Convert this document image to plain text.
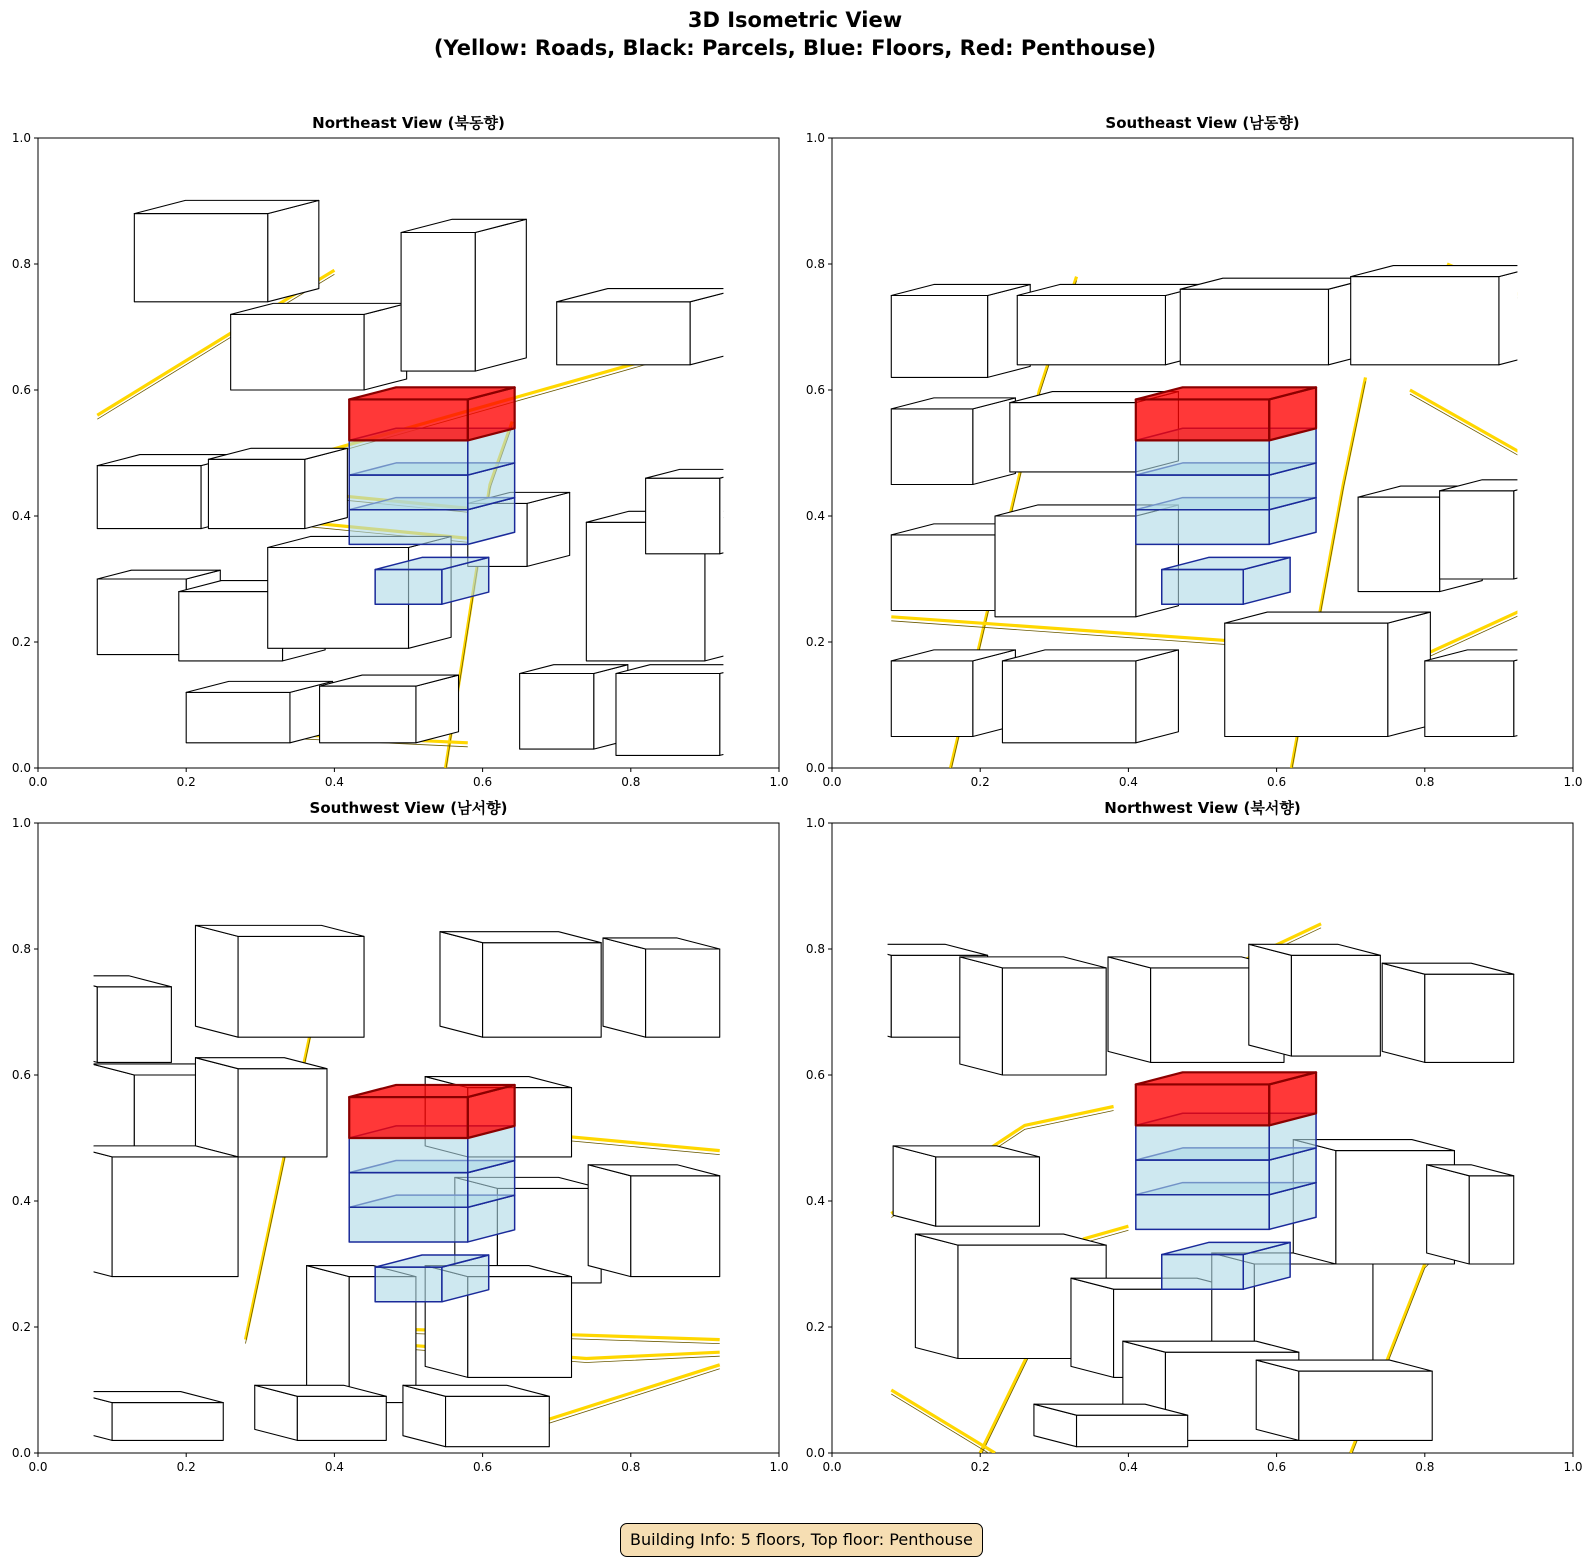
3D Isometric View
(Yellow: Roads, Black: Parcels, Blue: Floors, Red: Penthouse)
Northeast View (북동향)
0.0	0.2	0.4	0.6	0.8	1.0
0.0
0.2
0.4
0.6
0.8
1.0
Southeast View (남동향)
0.0	0.2	0.4	0.6	0.8	1.0
0.0
0.2
0.4
0.6
0.8
1.0
Southwest View (남서향)
0.0	0.2	0.4	0.6	0.8	1.0
0.0
0.2
0.4
0.6
0.8
1.0
Northwest View (북서향)
0.0	0.2	0.4	0.6	0.8	1.0
0.0
0.2
0.4
0.6
0.8
1.0
Building Info: 5 floors, Top floor: Penthouse
